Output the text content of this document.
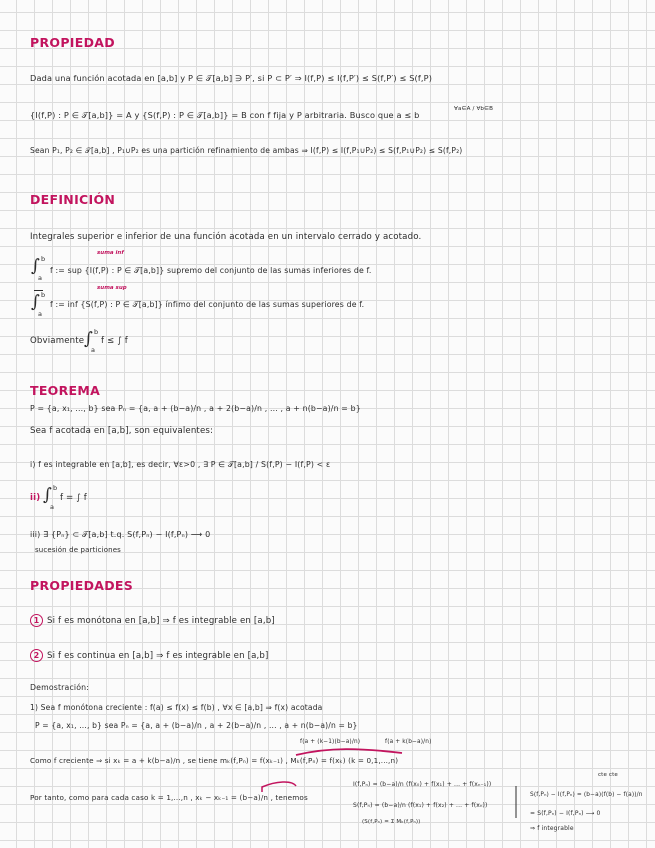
PROPIEDAD
Dada una función acotada en [a,b] y P ∈ 𝒯[a,b] ∋ P′, si P ⊂ P′ ⇒ I(f,P) ≤ I(f,P′) ≤ S(f,P′) ≤ S(f,P)
{I(f,P) : P ∈ 𝒯[a,b]} = A y {S(f,P) : P ∈ 𝒯[a,b]} = B con f fija y P arbitraria. Busco que a ≤ b
∀a∈A / ∀b∈B
Sean P₁, P₂ ∈ 𝒯[a,b] , P₁∪P₂ es una partición refinamiento de ambas ⇒ I(f,P) ≤ I(f,P₁∪P₂) ≤ S(f,P₁∪P₂) ≤ S(f,P₂)
DEFINICIÓN
Integrales superior e inferior de una función acotada en un intervalo cerrado y acotado.
suma inf
∫ b
a
f := sup {I(f,P) : P ∈ 𝒯[a,b]} supremo del conjunto de las sumas inferiores de f.
suma sup
∫ b
a
f := inf {S(f,P) : P ∈ 𝒯[a,b]} ínfimo del conjunto de las sumas superiores de f.
Obviamente ∫ b
a
f ≤ ∫ f
TEOREMA
P = {a, x₁, ..., b} sea Pₙ = {a, a + (b−a)/n , a + 2(b−a)/n , ... , a + n(b−a)/n = b}
Sea f acotada en [a,b], son equivalentes:
i) f es integrable en [a,b], es decir, ∀ε>0 , ∃ P ∈ 𝒯[a,b] / S(f,P) − I(f,P) < ε
ii) ∫ b
a
f = ∫ f
iii) ∃ {Pₙ} ⊂ 𝒯[a,b] t.q. S(f,Pₙ) − I(f,Pₙ) ⟶ 0
sucesión de particiones
PROPIEDADES
1 Si f es monótona en [a,b] ⇒ f es integrable en [a,b]
2 Si f es continua en [a,b] ⇒ f es integrable en [a,b]
Demostración:
1) Sea f monótona creciente : f(a) ≤ f(x) ≤ f(b) , ∀x ∈ [a,b] ⇒ f(x) acotada
P = {a, x₁, ..., b} sea Pₙ = {a, a + (b−a)/n , a + 2(b−a)/n , ... , a + n(b−a)/n = b}
f(a + (k−1)(b−a)/n)	f(a + k(b−a)/n)
Como f creciente ⇒ si xₖ = a + k(b−a)/n , se tiene mₖ(f,Pₙ) = f(xₖ₋₁) , Mₖ(f,Pₙ) = f(xₖ) (k = 0,1,...,n)
Por tanto, como para cada caso k = 1,...,n , xₖ − xₖ₋₁ = (b−a)/n , tenemos
I(f,Pₙ) = (b−a)/n (f(x₀) + f(x₁) + ... + f(xₙ₋₁))
S(f,Pₙ) = (b−a)/n (f(x₁) + f(x₂) + ... + f(xₙ))
(S(f,Pₙ) = Σ Mₖ(f,Pₙ))
cte cte
S(f,Pₙ) − I(f,Pₙ) = (b−a)(f(b) − f(a))/n
= S(f,Pₙ) − I(f,Pₙ) ⟶ 0
⇒ f integrable
